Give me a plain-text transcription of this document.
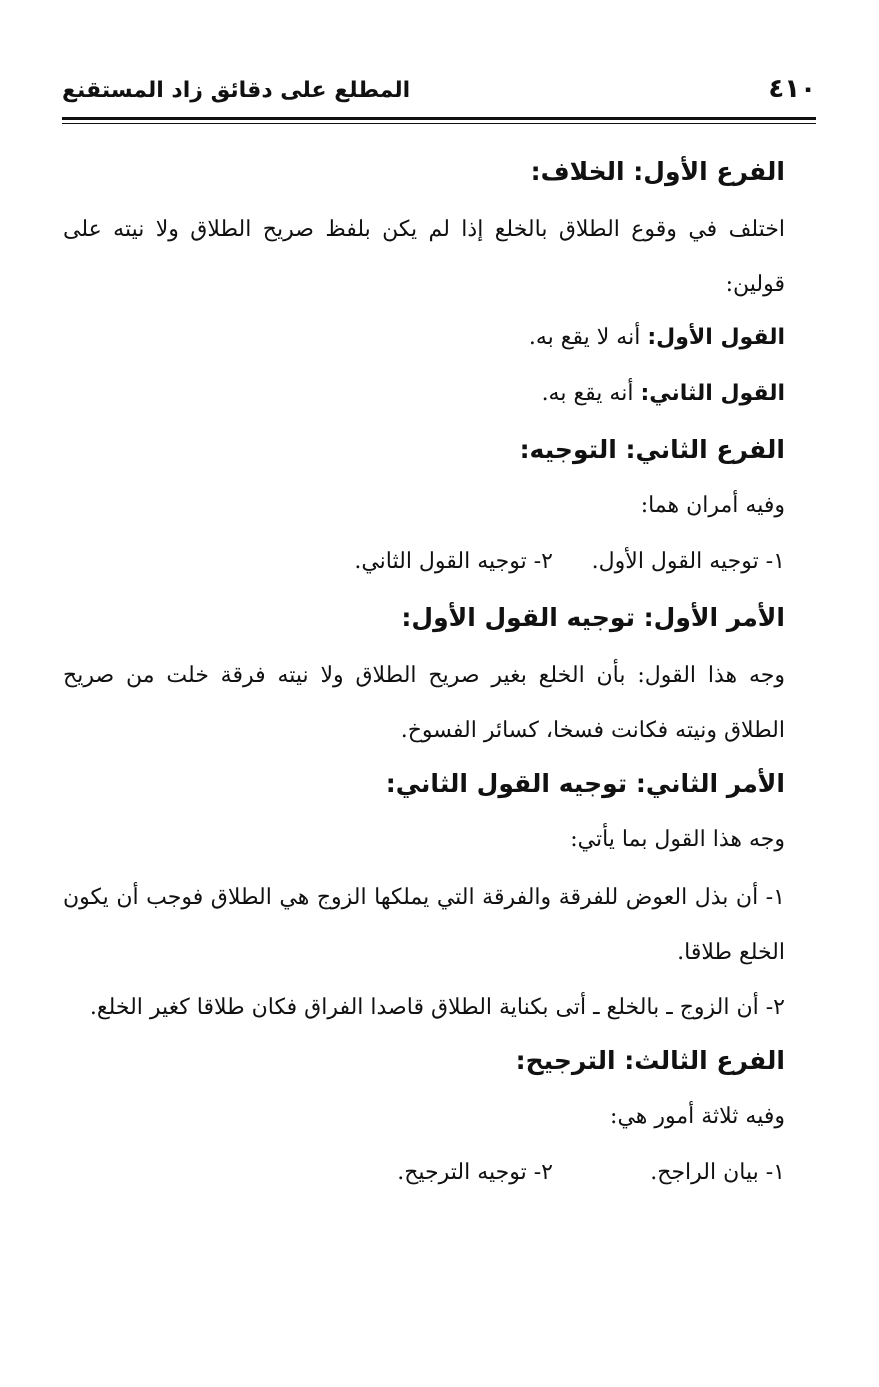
٤١٠
المطلع على دقائق زاد المستقنع

الفرع الأول: الخلاف:

اختلف في وقوع الطلاق بالخلع إذا لم يكن بلفظ صريح الطلاق ولا نيته على قولين:

القول الأول: أنه لا يقع به.

القول الثاني: أنه يقع به.

الفرع الثاني: التوجيه:

وفيه أمران هما:

١- توجيه القول الأول.
٢- توجيه القول الثاني.

الأمر الأول: توجيه القول الأول:

وجه هذا القول: بأن الخلع بغير صريح الطلاق ولا نيته فرقة خلت من صريح الطلاق ونيته فكانت فسخا، كسائر الفسوخ.

الأمر الثاني: توجيه القول الثاني:

وجه هذا القول بما يأتي:

١- أن بذل العوض للفرقة والفرقة التي يملكها الزوج هي الطلاق فوجب أن يكون الخلع طلاقا.

٢- أن الزوج ـ بالخلع ـ أتى بكناية الطلاق قاصدا الفراق فكان طلاقا كغير الخلع.

الفرع الثالث: الترجيح:

وفيه ثلاثة أمور هي:

١- بيان الراجح.
٢- توجيه الترجيح.
